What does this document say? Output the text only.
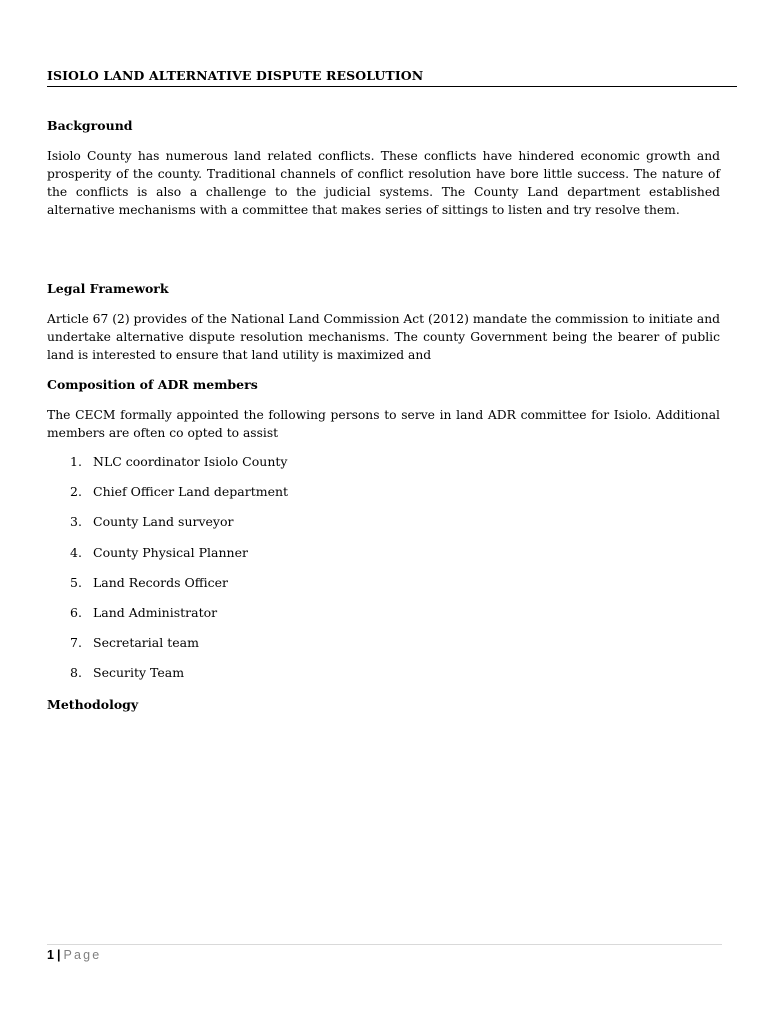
ISIOLO LAND ALTERNATIVE DISPUTE RESOLUTION
Background
Isiolo County has numerous land related conflicts. These conflicts have hindered economic growth and prosperity of the county. Traditional channels of conflict resolution have bore little success. The nature of the conflicts is also a challenge to the judicial systems. The County Land department established alternative mechanisms with a committee that makes series of sittings to listen and try resolve them.
Legal Framework
Article 67 (2) provides of the National Land Commission Act (2012) mandate the commission to initiate and undertake alternative dispute resolution mechanisms. The county Government being the bearer of public land is interested to ensure that land utility is maximized and
Composition of ADR members
The CECM formally appointed the following persons to serve in land ADR committee for Isiolo. Additional members are often co opted to assist
1. NLC coordinator Isiolo County
2. Chief Officer Land department
3. County Land surveyor
4. County Physical Planner
5. Land Records Officer
6. Land Administrator
7. Secretarial team
8. Security Team
Methodology
1 | Page
